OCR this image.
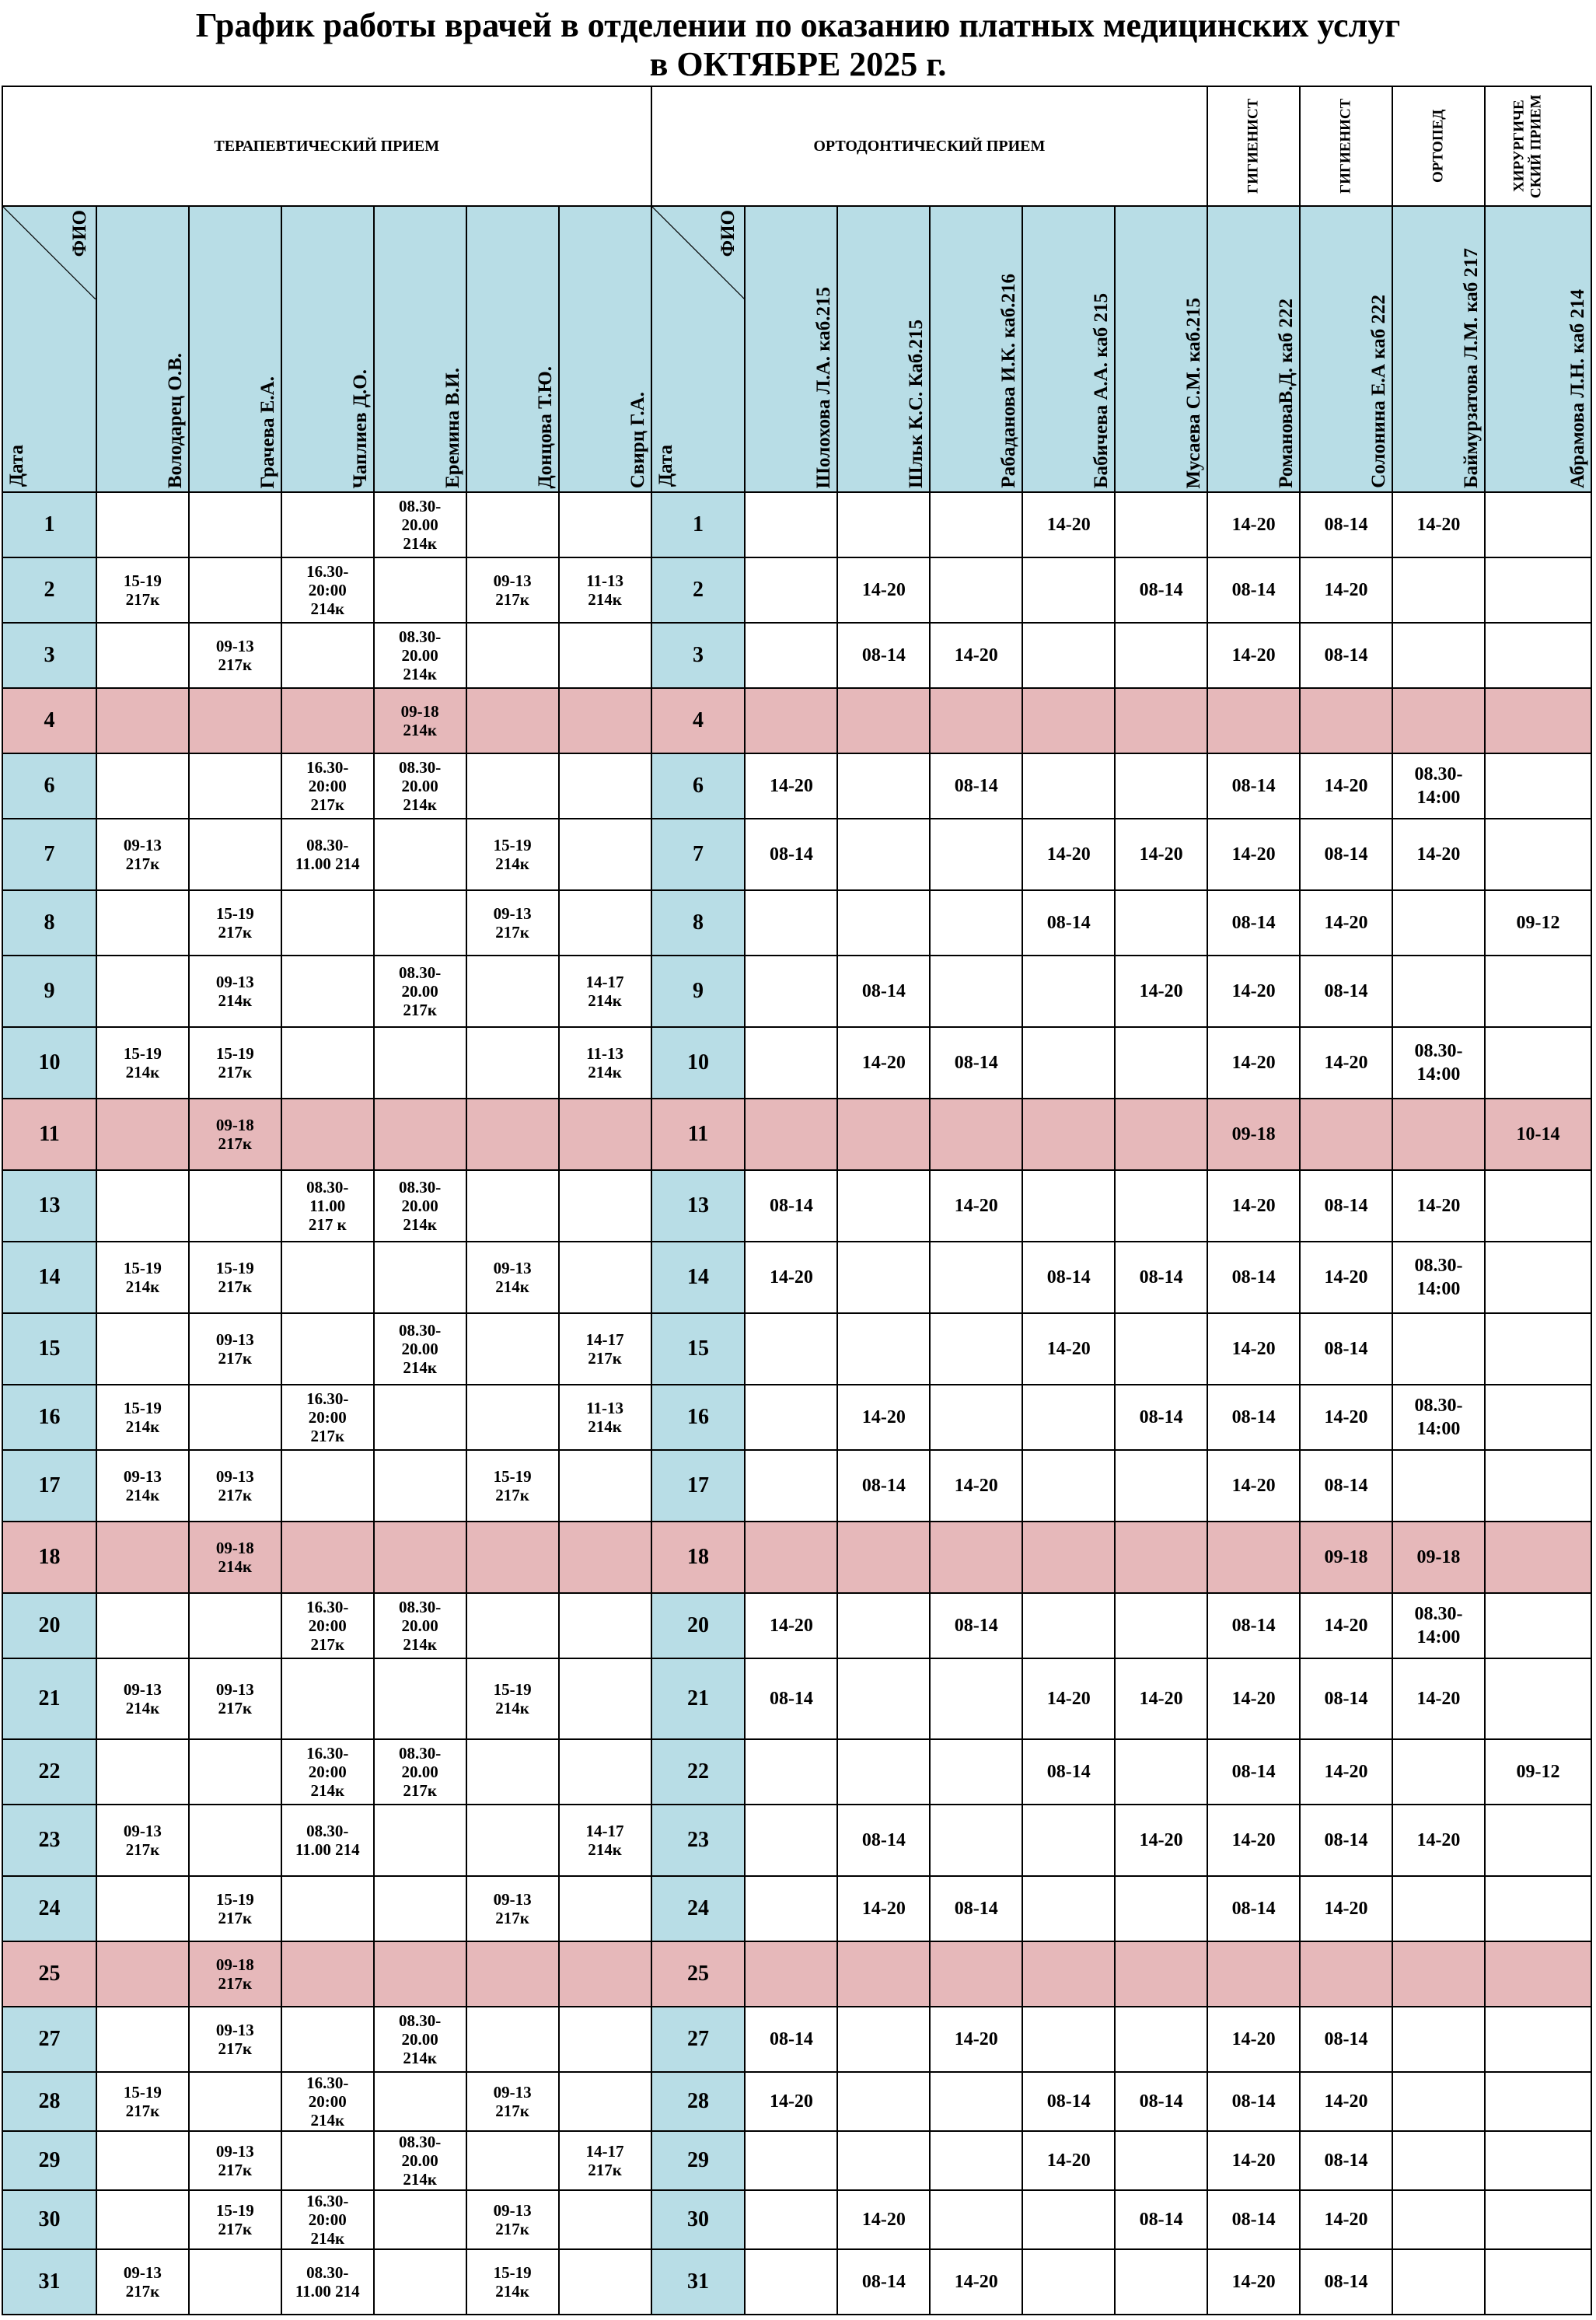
График работы врачей в отделении по оказанию платных медицинских услуг
в ОКТЯБРЕ 2025 г.
ТЕРАПЕВТИЧЕСКИЙ ПРИЕМ							ОРТОДОНТИЧЕСКИЙ ПРИЕМ						ГИГИЕНИСТ	ГИГИЕНИСТ	ОРТОПЕД	ХИРУРГИЧЕ СКИЙ ПРИЕМ

ФИО
Дата	Володарец О.В.	Грачева Е.А.	Чаплиев Д.О.	Еремина В.И.	Донцова Т.Ю.	Свирц Г.А.	ФИО
Дата	Шолохова Л.А. каб.215	Шльк К.С. Каб.215	Рабаданова И.К. каб.216	Бабичева А.А. каб 215	Мусаева С.М. каб.215	РомановаВ.Д. каб 222	Солонина Е.А каб 222	Баймурзатова Л.М. каб 217	Абрамова Л.Н. каб 214

1				08.30-
20.00
214к			1				14-20		14-20	08-14	14-20	
2	15-19
217к		16.30-
20:00
214к		09-13
217к	11-13
214к	2		14-20			08-14	08-14	14-20		
3		09-13
217к		08.30-
20.00
214к			3		08-14	14-20			14-20	08-14		
4				09-18
214к			4									
6			16.30-
20:00
217к	08.30-
20.00
214к			6	14-20		08-14			08-14	14-20	08.30-
14:00	
7	09-13
217к		08.30-
11.00 214		15-19
214к		7	08-14			14-20	14-20	14-20	08-14	14-20	
8		15-19
217к			09-13
217к		8				08-14		08-14	14-20		09-12
9		09-13
214к		08.30-
20.00
217к		14-17
214к	9		08-14			14-20	14-20	08-14		
10	15-19
214к	15-19
217к				11-13
214к	10		14-20	08-14			14-20	14-20	08.30-
14:00	
11		09-18
217к					11						09-18			10-14
13			08.30-
11.00
217 к	08.30-
20.00
214к			13	08-14		14-20			14-20	08-14	14-20	
14	15-19
214к	15-19
217к			09-13
214к		14	14-20			08-14	08-14	08-14	14-20	08.30-
14:00	
15		09-13
217к		08.30-
20.00
214к		14-17
217к	15				14-20		14-20	08-14		
16	15-19
214к		16.30-
20:00
217к			11-13
214к	16		14-20			08-14	08-14	14-20	08.30-
14:00	
17	09-13
214к	09-13
217к			15-19
217к		17		08-14	14-20			14-20	08-14		
18		09-18
214к					18							09-18	09-18	
20			16.30-
20:00
217к	08.30-
20.00
214к			20	14-20		08-14			08-14	14-20	08.30-
14:00	
21	09-13
214к	09-13
217к			15-19
214к		21	08-14			14-20	14-20	14-20	08-14	14-20	
22			16.30-
20:00
214к	08.30-
20.00
217к			22				08-14		08-14	14-20		09-12
23	09-13
217к		08.30-
11.00 214			14-17
214к	23		08-14			14-20	14-20	08-14	14-20	
24		15-19
217к			09-13
217к		24		14-20	08-14			08-14	14-20		
25		09-18
217к					25									
27		09-13
217к		08.30-
20.00
214к			27	08-14		14-20			14-20	08-14		
28	15-19
217к		16.30-
20:00
214к		09-13
217к		28	14-20			08-14	08-14	08-14	14-20		
29		09-13
217к		08.30-
20.00
214к		14-17
217к	29				14-20		14-20	08-14		
30		15-19
217к	16.30-
20:00
214к		09-13
217к		30		14-20			08-14	08-14	14-20		
31	09-13
217к		08.30-
11.00 214		15-19
214к		31		08-14	14-20			14-20	08-14		
